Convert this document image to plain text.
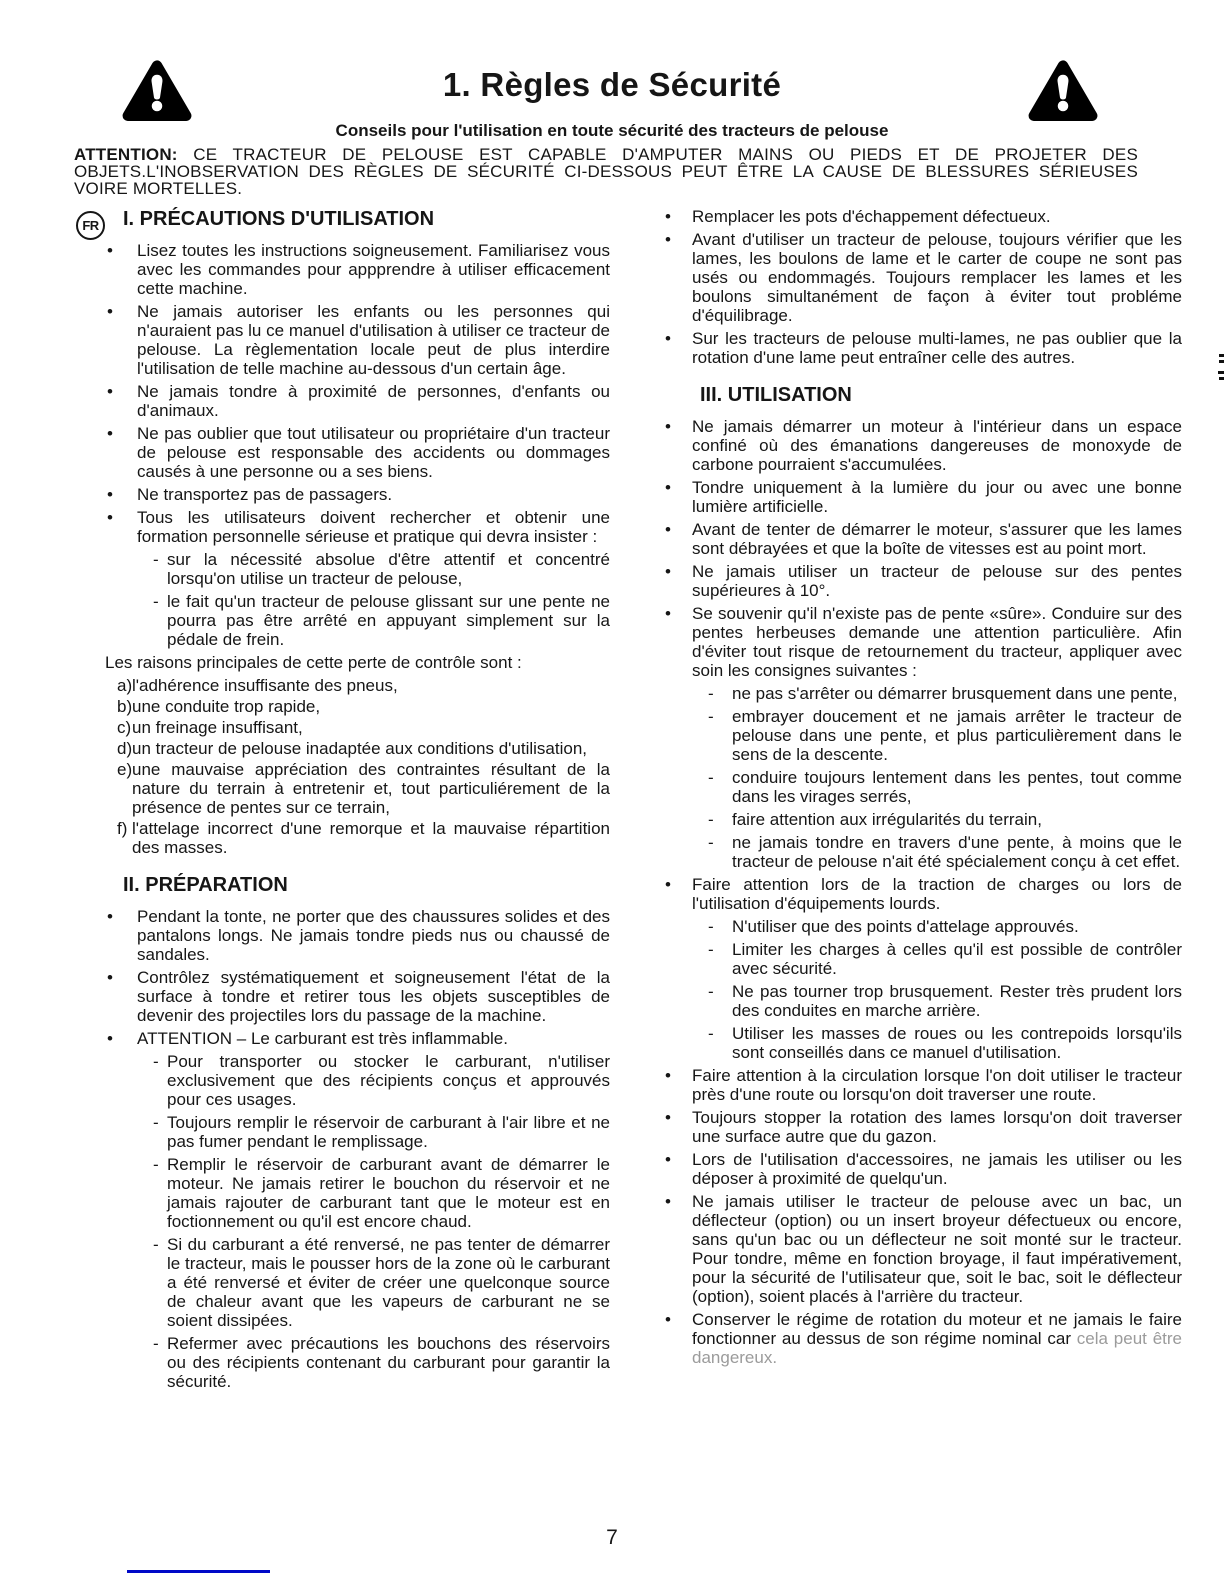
1. Règles de Sécurité
Conseils pour l'utilisation en toute sécurité des tracteurs de pelouse
ATTENTION: CE TRACTEUR DE PELOUSE EST CAPABLE D'AMPUTER MAINS OU PIEDS ET DE PROJETER DES OBJETS.L'INOBSERVATION DES RÈGLES DE SÉCURITÉ CI-DESSOUS PEUT ÊTRE LA CAUSE DE BLESSURES SÉRIEUSES VOIRE MORTELLES.
FR	I. PRÉCAUTIONS D'UTILISATION
• Lisez toutes les instructions soigneusement. Familiarisez vous avec les commandes pour appprendre à utiliser efficacement cette machine.
• Ne jamais autoriser les enfants ou les personnes qui n'auraient pas lu ce manuel d'utilisation à utiliser ce tracteur de pelouse. La règlementation locale peut de plus interdire l'utilisation de telle machine au-dessous d'un certain âge.
• Ne jamais tondre à proximité de personnes, d'enfants ou d'animaux.
• Ne pas oublier que tout utilisateur ou propriétaire d'un tracteur de pelouse est responsable des accidents ou dommages causés à une personne ou a ses biens.
• Ne transportez pas de passagers.
• Tous les utilisateurs doivent rechercher et obtenir une formation personnelle sérieuse et pratique qui devra insister :
- sur la nécessité absolue d'être attentif et concentré lorsqu'on utilise un tracteur de pelouse,
- le fait qu'un tracteur de pelouse glissant sur une pente ne pourra pas être arrêté en appuyant simplement sur la pédale de frein.
Les raisons principales de cette perte de contrôle sont :
a) l'adhérence insuffisante des pneus,
b) une conduite trop rapide,
c) un freinage insuffisant,
d) un tracteur de pelouse inadaptée aux conditions d'utilisation,
e) une mauvaise appréciation des contraintes résultant de la nature du terrain à entretenir et, tout particuliérement de la présence de pentes sur ce terrain,
f) l'attelage incorrect d'une remorque et la mauvaise répartition des masses.
II. PRÉPARATION
• Pendant la tonte, ne porter que des chaussures solides et des pantalons longs. Ne jamais tondre pieds nus ou chaussé de sandales.
• Contrôlez systématiquement et soigneusement l'état de la surface à tondre et retirer tous les objets susceptibles de devenir des projectiles lors du passage de la machine.
• ATTENTION – Le carburant est très inflammable.
- Pour transporter ou stocker le carburant, n'utiliser exclusivement que des récipients conçus et approuvés pour ces usages.
- Toujours remplir le réservoir de carburant à l'air libre et ne pas fumer pendant le remplissage.
- Remplir le réservoir de carburant avant de démarrer le moteur. Ne jamais retirer le bouchon du réservoir et ne jamais rajouter de carburant tant que le moteur est en foctionnement ou qu'il est encore chaud.
- Si du carburant a été renversé, ne pas tenter de démarrer le tracteur, mais le pousser hors de la zone où le carburant a été renversé et éviter de créer une quelconque source de chaleur avant que les vapeurs de carburant ne se soient dissipées.
- Refermer avec précautions les bouchons des réservoirs ou des récipients contenant du carburant pour garantir la sécurité.
• Remplacer les pots d'échappement défectueux.
• Avant d'utiliser un tracteur de pelouse, toujours vérifier que les lames, les boulons de lame et le carter de coupe ne sont pas usés ou endommagés. Toujours remplacer les lames et les boulons simultanément de façon à éviter tout probléme d'équilibrage.
• Sur les tracteurs de pelouse multi-lames, ne pas oublier que la rotation d'une lame peut entraîner celle des autres.
III. UTILISATION
• Ne jamais démarrer un moteur à l'intérieur dans un espace confiné où des émanations dangereuses de monoxyde de carbone pourraient s'accumulées.
• Tondre uniquement à la lumière du jour ou avec une bonne lumière artificielle.
• Avant de tenter de démarrer le moteur, s'assurer que les lames sont débrayées et que la boîte de vitesses est au point mort.
• Ne jamais utiliser un tracteur de pelouse sur des pentes supérieures à 10°.
• Se souvenir qu'il n'existe pas de pente «sûre». Conduire sur des pentes herbeuses demande une attention particulière. Afin d'éviter tout risque de retournement du tracteur, appliquer avec soin les consignes suivantes :
- ne pas s'arrêter ou démarrer brusquement dans une pente,
- embrayer doucement et ne jamais arrêter le tracteur de pelouse dans une pente, et plus particulièrement dans le sens de la descente.
- conduire toujours lentement dans les pentes, tout comme dans les virages serrés,
- faire attention aux irrégularités du terrain,
- ne jamais tondre en travers d'une pente, à moins que le tracteur de pelouse n'ait été spécialement conçu à cet effet.
• Faire attention lors de la traction de charges ou lors de l'utilisation d'équipements lourds.
- N'utiliser que des points d'attelage approuvés.
- Limiter les charges à celles qu'il est possible de contrôler avec sécurité.
- Ne pas tourner trop brusquement. Rester très prudent lors des conduites en marche arrière.
- Utiliser les masses de roues ou les contrepoids lorsqu'ils sont conseillés dans ce manuel d'utilisation.
• Faire attention à la circulation lorsque l'on doit utiliser le tracteur près d'une route ou lorsqu'on doit traverser une route.
• Toujours stopper la rotation des lames lorsqu'on doit traverser une surface autre que du gazon.
• Lors de l'utilisation d'accessoires, ne jamais les utiliser ou les déposer à proximité de quelqu'un.
• Ne jamais utiliser le tracteur de pelouse avec un bac, un déflecteur (option) ou un insert broyeur défectueux ou encore, sans qu'un bac ou un déflecteur ne soit monté sur le tracteur. Pour tondre, même en fonction broyage, il faut impérativement, pour la sécurité de l'utilisateur que, soit le bac, soit le déflecteur (option), soient placés à l'arrière du tracteur.
• Conserver le régime de rotation du moteur et ne jamais le faire fonctionner au dessus de son régime nominal car cela peut être dangereux.
7
